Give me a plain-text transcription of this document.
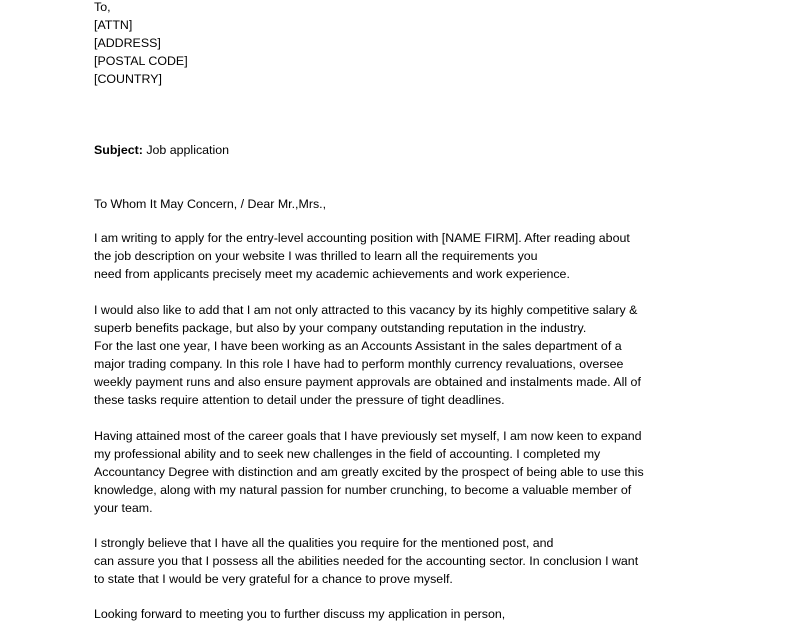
To,
[ATTN]
[ADDRESS]
[POSTAL CODE]
[COUNTRY]
Subject: Job application
To Whom It May Concern, / Dear Mr.,Mrs.,
I am writing to apply for the entry-level accounting position with [NAME FIRM]. After reading about
the job description on your website I was thrilled to learn all the requirements you
need from applicants precisely meet my academic achievements and work experience.
I would also like to add that I am not only attracted to this vacancy by its highly competitive salary &
superb benefits package, but also by your company outstanding reputation in the industry.
For the last one year, I have been working as an Accounts Assistant in the sales department of a
major trading company. In this role I have had to perform monthly currency revaluations, oversee
weekly payment runs and also ensure payment approvals are obtained and instalments made. All of
these tasks require attention to detail under the pressure of tight deadlines.
Having attained most of the career goals that I have previously set myself, I am now keen to expand
my professional ability and to seek new challenges in the field of accounting. I completed my
Accountancy Degree with distinction and am greatly excited by the prospect of being able to use this
knowledge, along with my natural passion for number crunching, to become a valuable member of
your team.
I strongly believe that I have all the qualities you require for the mentioned post, and
can assure you that I possess all the abilities needed for the accounting sector. In conclusion I want
to state that I would be very grateful for a chance to prove myself.
Looking forward to meeting you to further discuss my application in person,
